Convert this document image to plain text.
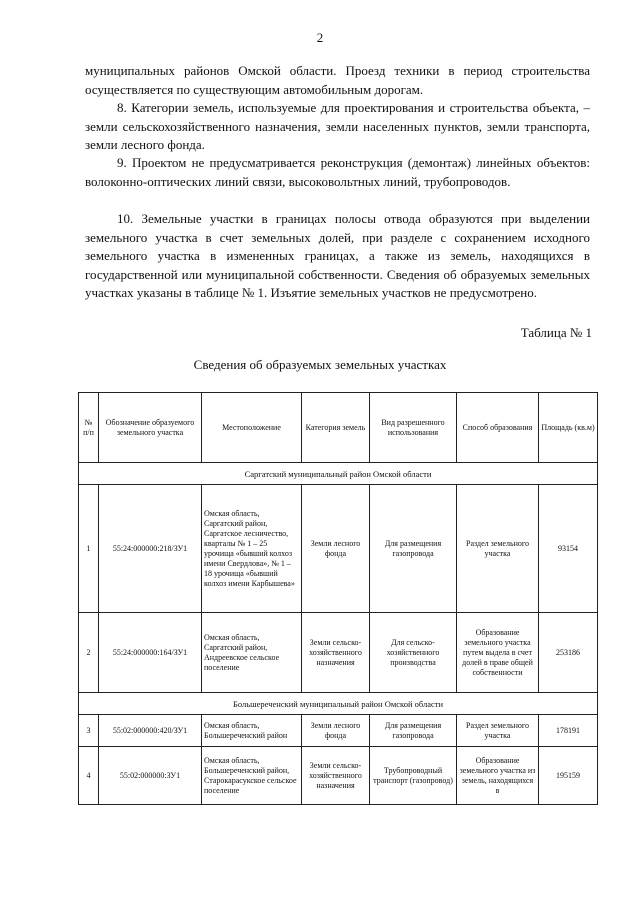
2
муниципальных районов Омской области. Проезд техники в период строительства осуществляется по существующим автомобильным дорогам.
8. Категории земель, используемые для проектирования и строительства объекта, – земли сельскохозяйственного назначения, земли населенных пунктов, земли транспорта, земли лесного фонда.
9. Проектом не предусматривается реконструкция (демонтаж) линейных объектов: волоконно-оптических линий связи, высоковольтных линий, трубопроводов.
10. Земельные участки в границах полосы отвода образуются при выделении земельного участка в счет земельных долей, при разделе с сохранением исходного земельного участка в измененных границах, а также из земель, находящихся в государственной или муниципальной собственности. Сведения об образуемых земельных участках указаны в таблице № 1. Изъятие земельных участков не предусмотрено.
Таблица № 1
Сведения об образуемых земельных участках
№ п/п	Обозначение образуемого земельного участка	Местоположение	Категория земель	Вид разрешенного использования	Способ образования	Площадь (кв.м)
Саргатский муниципальный район Омской области						
1	55:24:000000:218/ЗУ1	Омская область, Саргатский район, Саргатское лесничество, кварталы № 1 – 25 урочища «бывший колхоз имени Свердлова», № 1 – 18 урочища «бывший колхоз имени Карбышева»	Земли лесного фонда	Для размещения газопровода	Раздел земельного участка	93154
2	55:24:000000:164/ЗУ1	Омская область, Саргатский район, Андреевское сельское поселение	Земли сельско-хозяйственного назначения	Для сельско-хозяйственного производства	Образование земельного участка путем выдела в счет долей в праве общей собственности	253186
Большереченский муниципальный район Омской области						
3	55:02:000000:420/ЗУ1	Омская область, Большереченский район	Земли лесного фонда	Для размещения газопровода	Раздел земельного участка	178191
4	55:02:000000:ЗУ1	Омская область, Большереченский район, Старокарасукское сельское поселение	Земли сельско-хозяйственного назначения	Трубопроводный транспорт (газопровод)	Образование земельного участка из земель, находящихся в	195159
